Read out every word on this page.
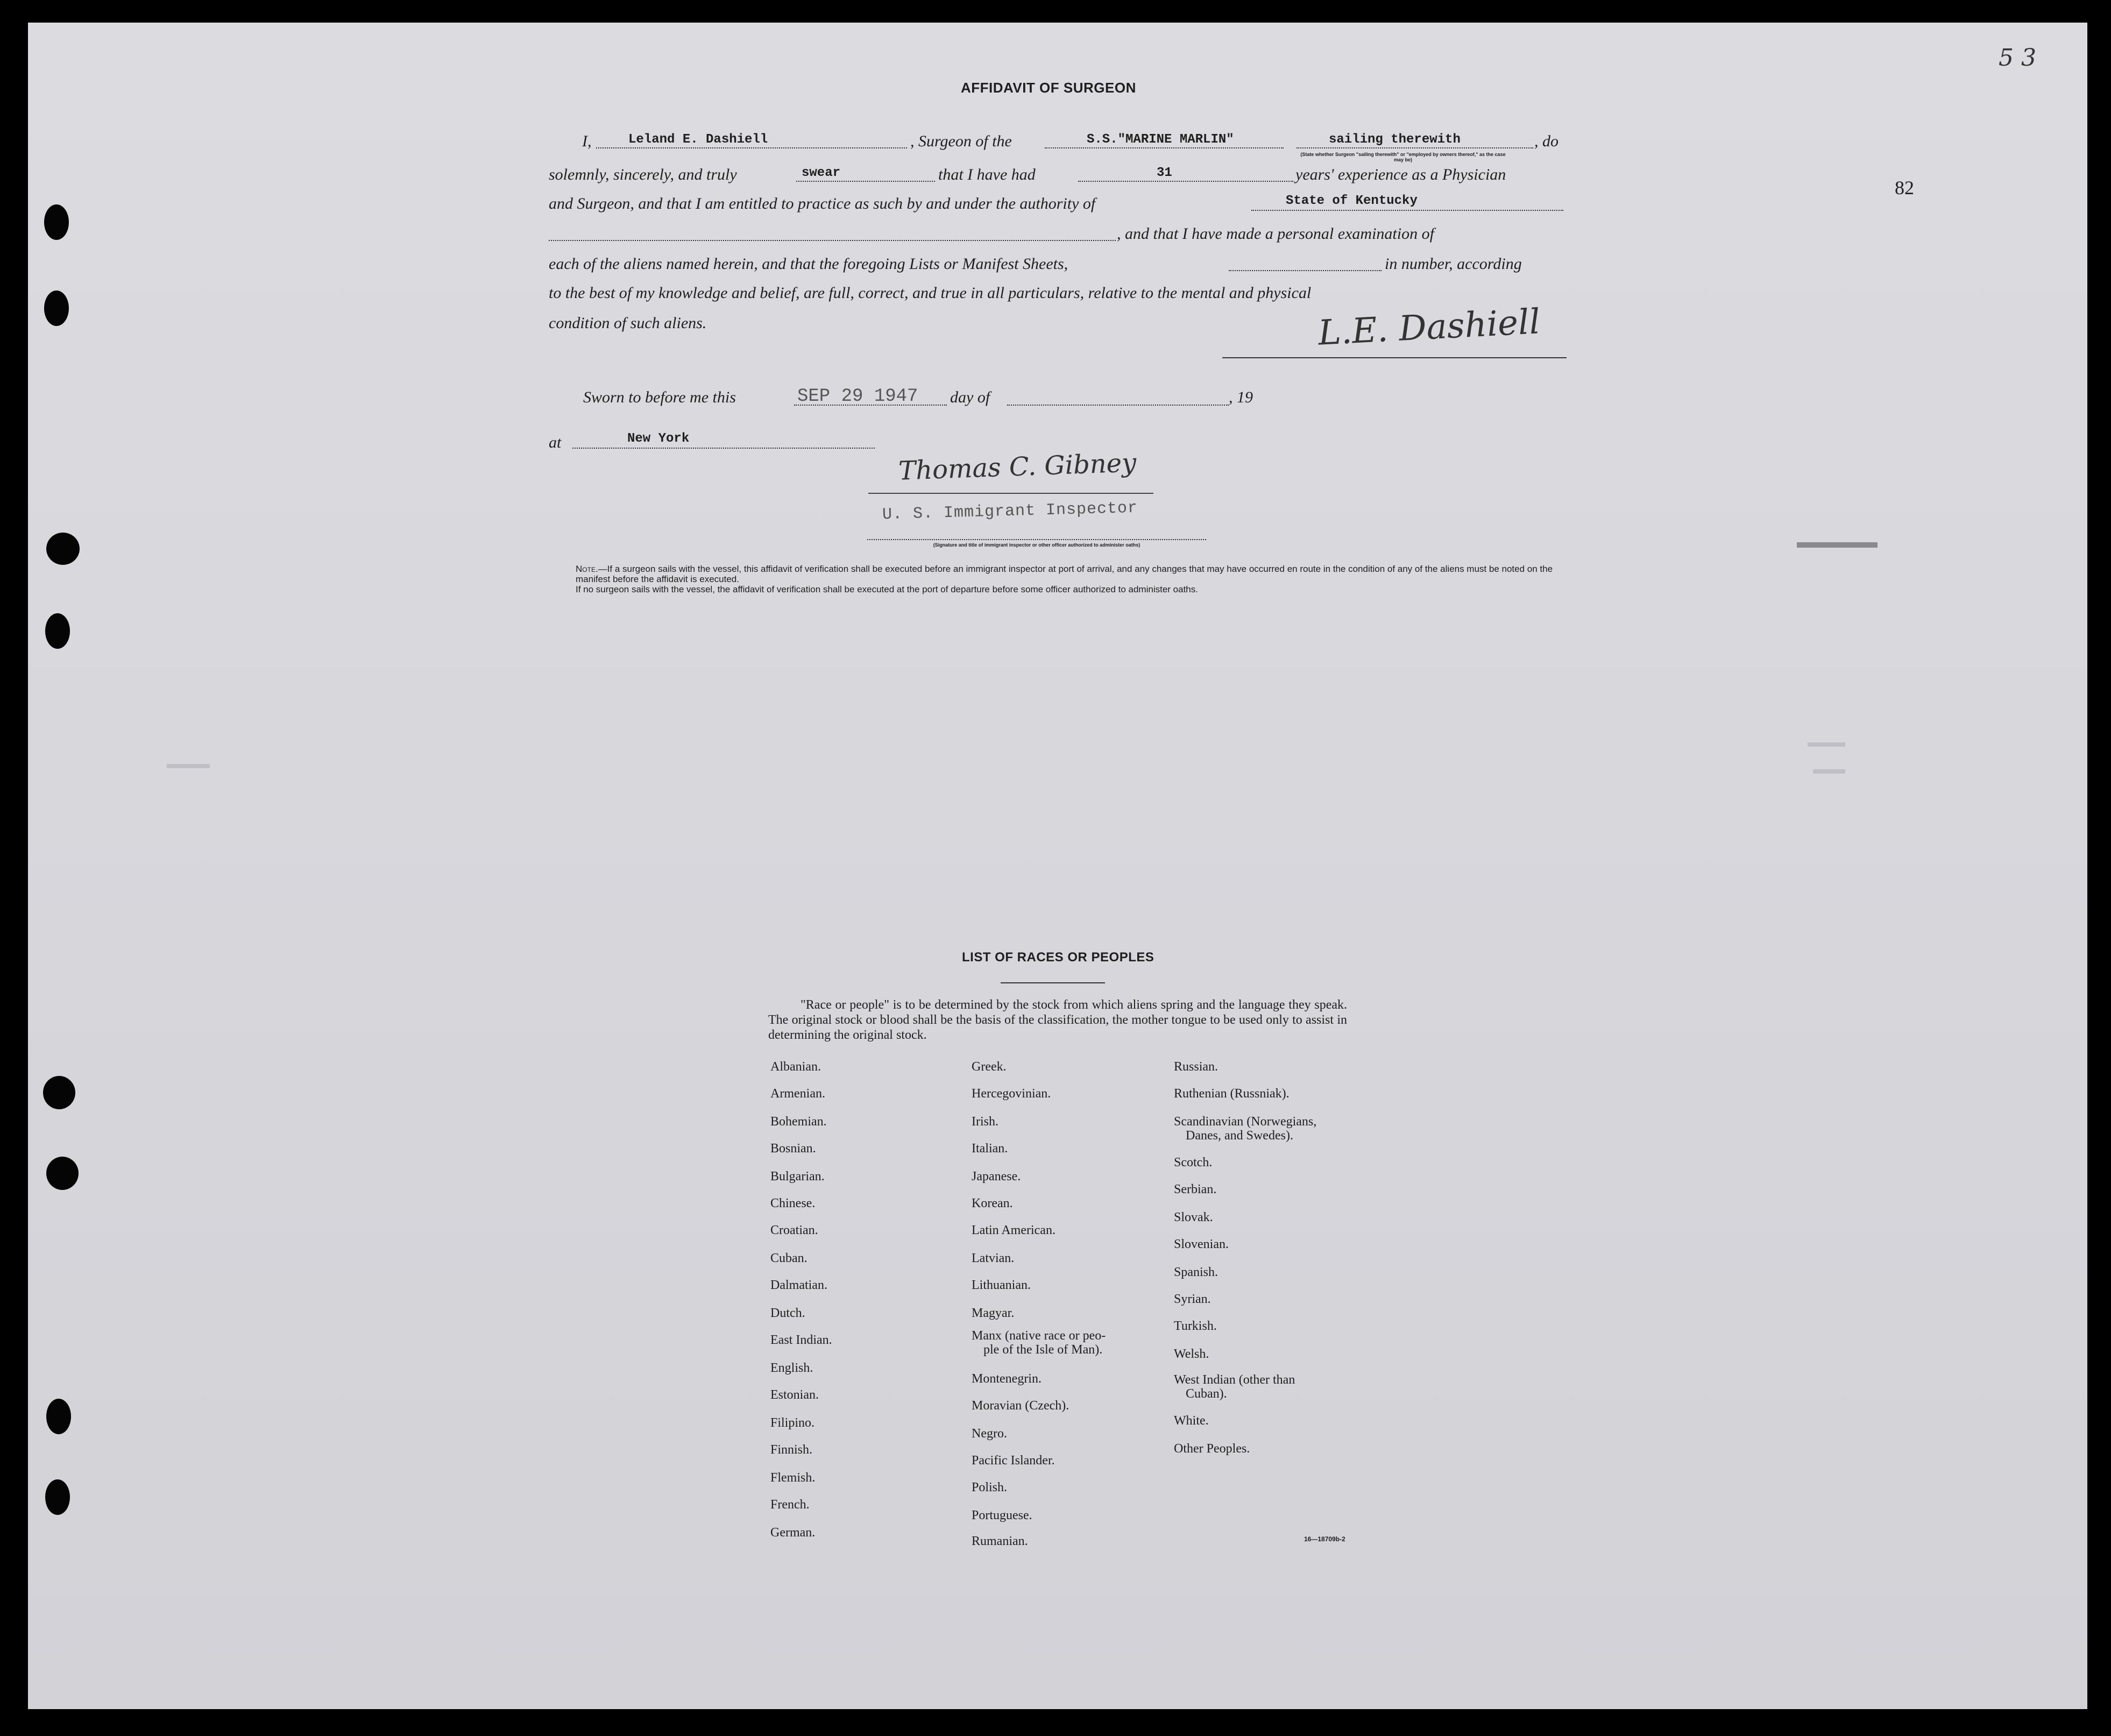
5 3
82
AFFIDAVIT OF SURGEON
I,	Leland E. Dashiell	, Surgeon of the	S.S."MARINE MARLIN"	sailing therewith	, do
(State whether Surgeon "sailing therewith" or "employed by owners thereof," as the case may be)
solemnly, sincerely, and truly	swear	that I have had	31	years' experience as a Physician
and Surgeon, and that I am entitled to practice as such by and under the authority of	State of Kentucky
, and that I have made a personal examination of
each of the aliens named herein, and that the foregoing Lists or Manifest Sheets,	in number, according
to the best of my knowledge and belief, are full, correct, and true in all particulars, relative to the mental and physical
condition of such aliens.	L.E. Dashiell
Sworn to before me this	SEP 29 1947 day of	, 19
at	New York
Thomas C. Gibney
U. S. Immigrant Inspector
(Signature and title of immigrant inspector or other officer authorized to administer oaths)
Note.—If a surgeon sails with the vessel, this affidavit of verification shall be executed before an immigrant inspector at port of arrival, and any changes that may have occurred en route in the condition of any of the aliens must be noted on the manifest before the affidavit is executed.
If no surgeon sails with the vessel, the affidavit of verification shall be executed at the port of departure before some officer authorized to administer oaths.
LIST OF RACES OR PEOPLES
"Race or people" is to be determined by the stock from which aliens spring and the language they speak. The original stock or blood shall be the basis of the classification, the mother tongue to be used only to assist in determining the original stock.
Albanian.
Armenian.
Bohemian.
Bosnian.
Bulgarian.
Chinese.
Croatian.
Cuban.
Dalmatian.
Dutch.
East Indian.
English.
Estonian.
Filipino.
Finnish.
Flemish.
French.
German.
Greek.
Hercegovinian.
Irish.
Italian.
Japanese.
Korean.
Latin American.
Latvian.
Lithuanian.
Magyar.
Manx (native race or peo-
ple of the Isle of Man).
Montenegrin.
Moravian (Czech).
Negro.
Pacific Islander.
Polish.
Portuguese.
Rumanian.
Russian.
Ruthenian (Russniak).
Scandinavian (Norwegians,
Danes, and Swedes).
Scotch.
Serbian.
Slovak.
Slovenian.
Spanish.
Syrian.
Turkish.
Welsh.
West Indian (other than
Cuban).
White.
Other Peoples.
16—18709b-2
